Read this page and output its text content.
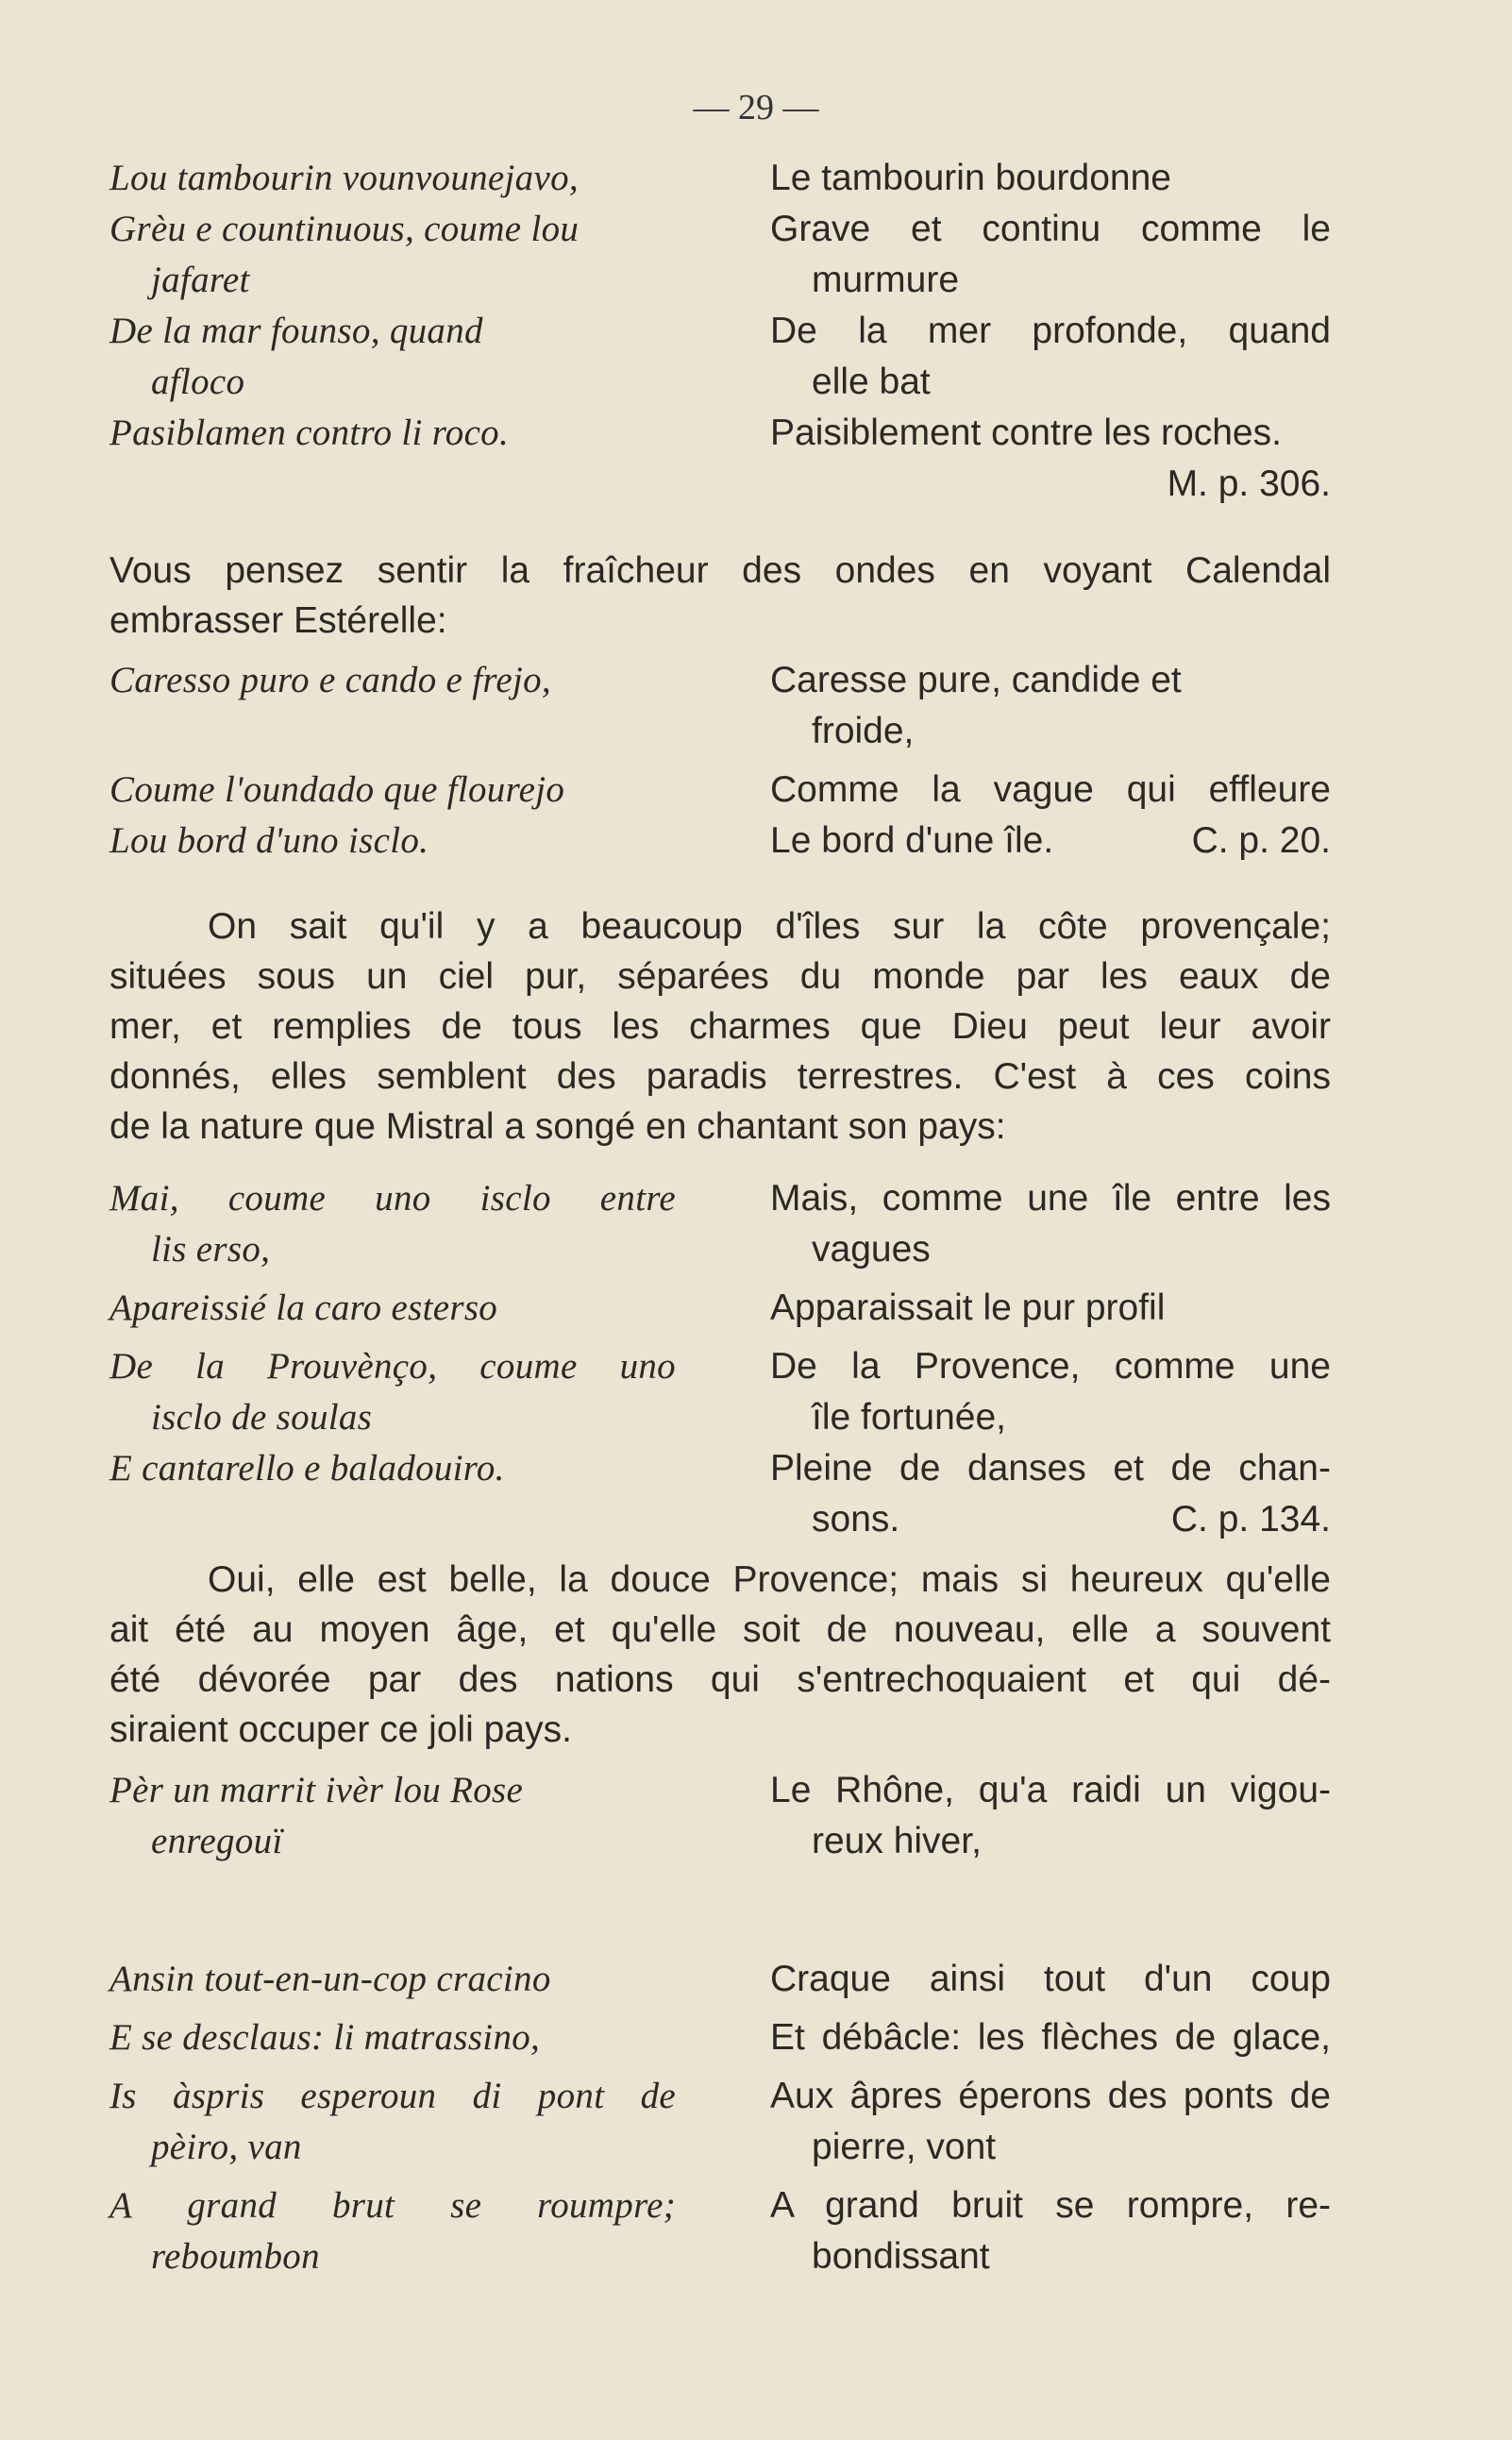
— 29 —
Lou tambourin vounvounejavo,
Grèu e countinuous, coume lou
jafaret
De la mar founso, quand
afloco
Pasiblamen contro li roco.
Le tambourin bourdonne
Grave et continu comme le
murmure
De la mer profonde, quand
elle bat
Paisiblement contre les roches.
M. p. 306.
Vous pensez sentir la fraîcheur des ondes en voyant Calendal
embrasser Estérelle:
Caresso puro e cando e frejo,
Coume l'oundado que flourejo
Lou bord d'uno isclo.
Caresse pure, candide et
froide,
Comme la vague qui effleure
Le bord d'une île.	C. p. 20.
On sait qu'il y a beaucoup d'îles sur la côte provençale;
situées sous un ciel pur, séparées du monde par les eaux de
mer, et remplies de tous les charmes que Dieu peut leur avoir
donnés, elles semblent des paradis terrestres. C'est à ces coins
de la nature que Mistral a songé en chantant son pays:
Mai, coume uno isclo entre
lis erso,
Apareissié la caro esterso
De la Prouvènço, coume uno
isclo de soulas
E cantarello e baladouiro.
Mais, comme une île entre les
vagues
Apparaissait le pur profil
De la Provence, comme une
île fortunée,
Pleine de danses et de chan-
sons.	C. p. 134.
Oui, elle est belle, la douce Provence; mais si heureux qu'elle
ait été au moyen âge, et qu'elle soit de nouveau, elle a souvent
été dévorée par des nations qui s'entrechoquaient et qui dé-
siraient occuper ce joli pays.
Pèr un marrit ivèr lou Rose
enregouï
Le Rhône, qu'a raidi un vigou-
reux hiver,
Ansin tout-en-un-cop cracino
E se desclaus: li matrassino,
Is àspris esperoun di pont de
pèiro, van
A grand brut se roumpre;
reboumbon
Craque ainsi tout d'un coup
Et débâcle: les flèches de glace,
Aux âpres éperons des ponts de
pierre, vont
A grand bruit se rompre, re-
bondissant
